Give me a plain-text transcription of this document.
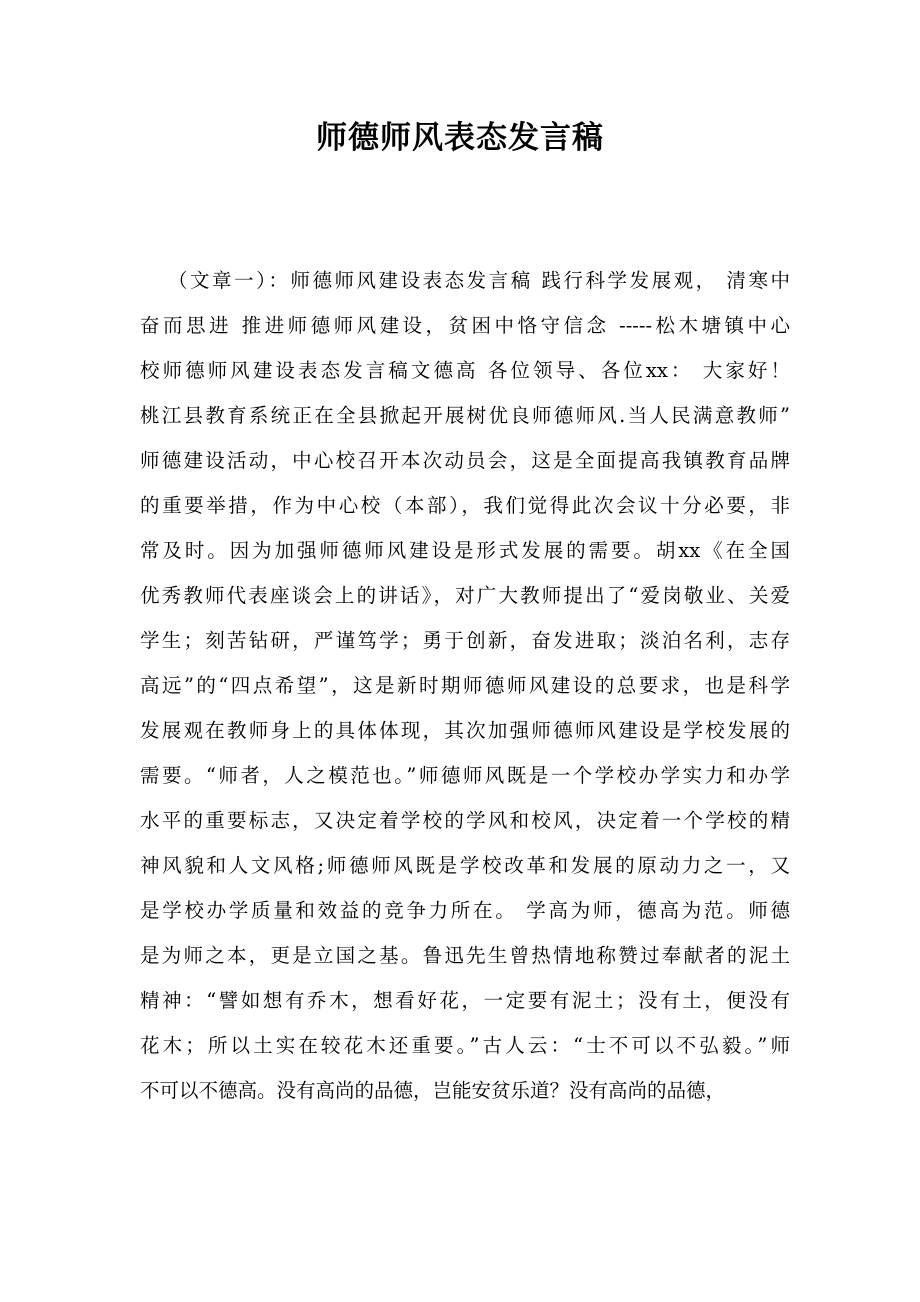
师德师风表态发言稿
（文章一）：师德师风建设表态发言稿 践行科学发展观， 清寒中
奋而思进 推进师德师风建设，贫困中恪守信念 -----松木塘镇中心
校师德师风建设表态发言稿文德高 各位领导、各位xx： 大家好！
桃江县教育系统正在全县掀起开展树优良师德师风.当人民满意教师”
师德建设活动，中心校召开本次动员会，这是全面提高我镇教育品牌
的重要举措，作为中心校（本部），我们觉得此次会议十分必要，非
常及时。因为加强师德师风建设是形式发展的需要。胡xx《在全国
优秀教师代表座谈会上的讲话》，对广大教师提出了“爱岗敬业、关爱
学生；刻苦钻研，严谨笃学；勇于创新，奋发进取；淡泊名利，志存
高远”的“四点希望”，这是新时期师德师风建设的总要求，也是科学
发展观在教师身上的具体体现，其次加强师德师风建设是学校发展的
需要。“师者，人之模范也。”师德师风既是一个学校办学实力和办学
水平的重要标志，又决定着学校的学风和校风，决定着一个学校的精
神风貌和人文风格;师德师风既是学校改革和发展的原动力之一，又
是学校办学质量和效益的竞争力所在。 学高为师，德高为范。师德
是为师之本，更是立国之基。鲁迅先生曾热情地称赞过奉献者的泥土
精神：“譬如想有乔木，想看好花，一定要有泥土；没有土，便没有
花木；所以土实在较花木还重要。”古人云：“士不可以不弘毅。”师
不可以不德高。没有高尚的品德，岂能安贫乐道？没有高尚的品德，
